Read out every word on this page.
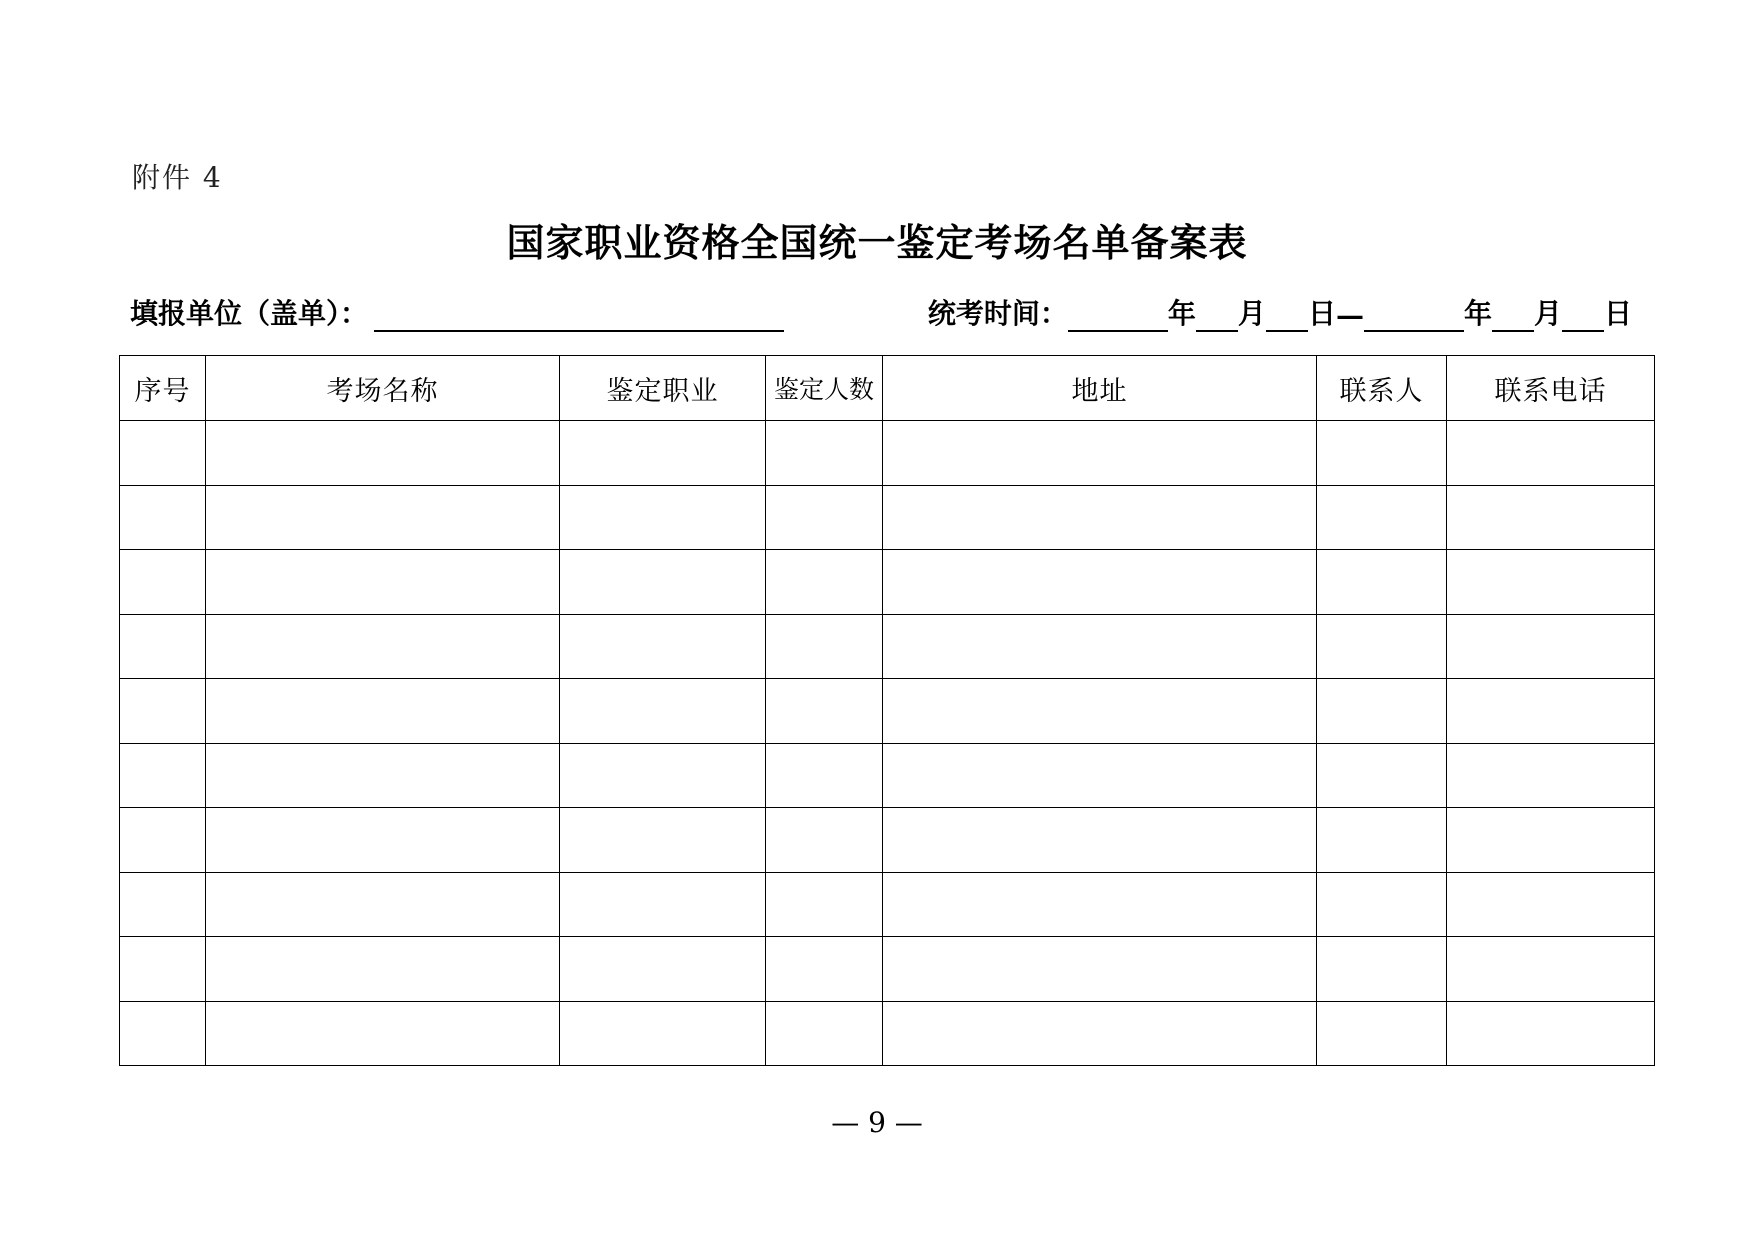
附件 4
国家职业资格全国统一鉴定考场名单备案表
填报单位（盖单）：	统考时间：	年 月 日 —	年 月 日
序号	考场名称	鉴定职业	鉴定人数	地址	联系人	联系电话

— 9 —
